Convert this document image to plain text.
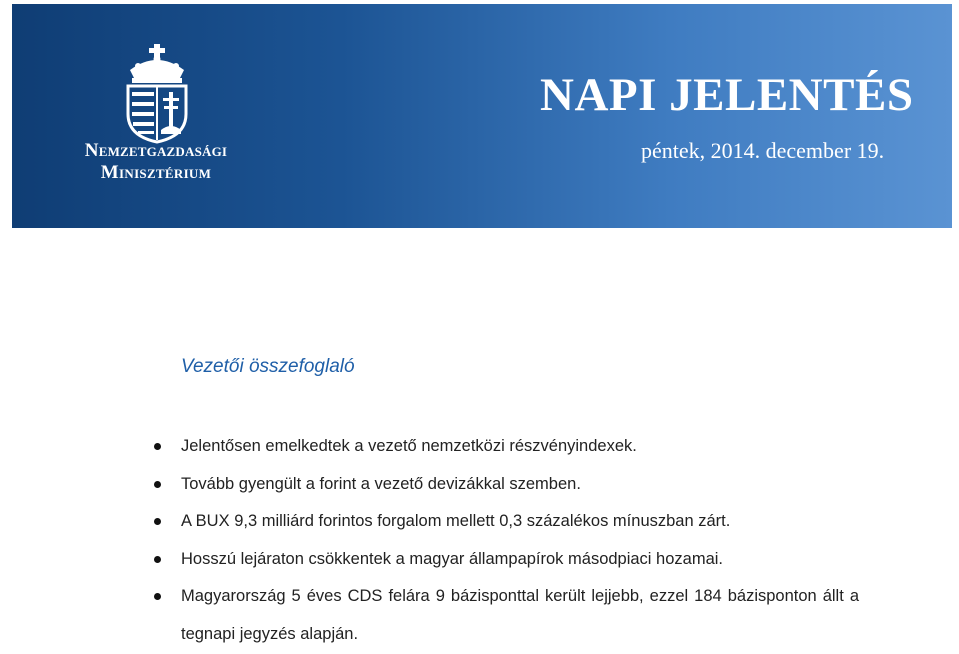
Nemzetgazdasági
Minisztérium
NAPI JELENTÉS
péntek, 2014. december 19.
Vezetői összefoglaló
Jelentősen emelkedtek a vezető nemzetközi részvényindexek.
Tovább gyengült a forint a vezető devizákkal szemben.
A BUX 9,3 milliárd forintos forgalom mellett 0,3 százalékos mínuszban zárt.
Hosszú lejáraton csökkentek a magyar állampapírok másodpiaci hozamai.
Magyarország 5 éves CDS felára 9 bázisponttal került lejjebb, ezzel 184 bázisponton állt a tegnapi jegyzés alapján.
